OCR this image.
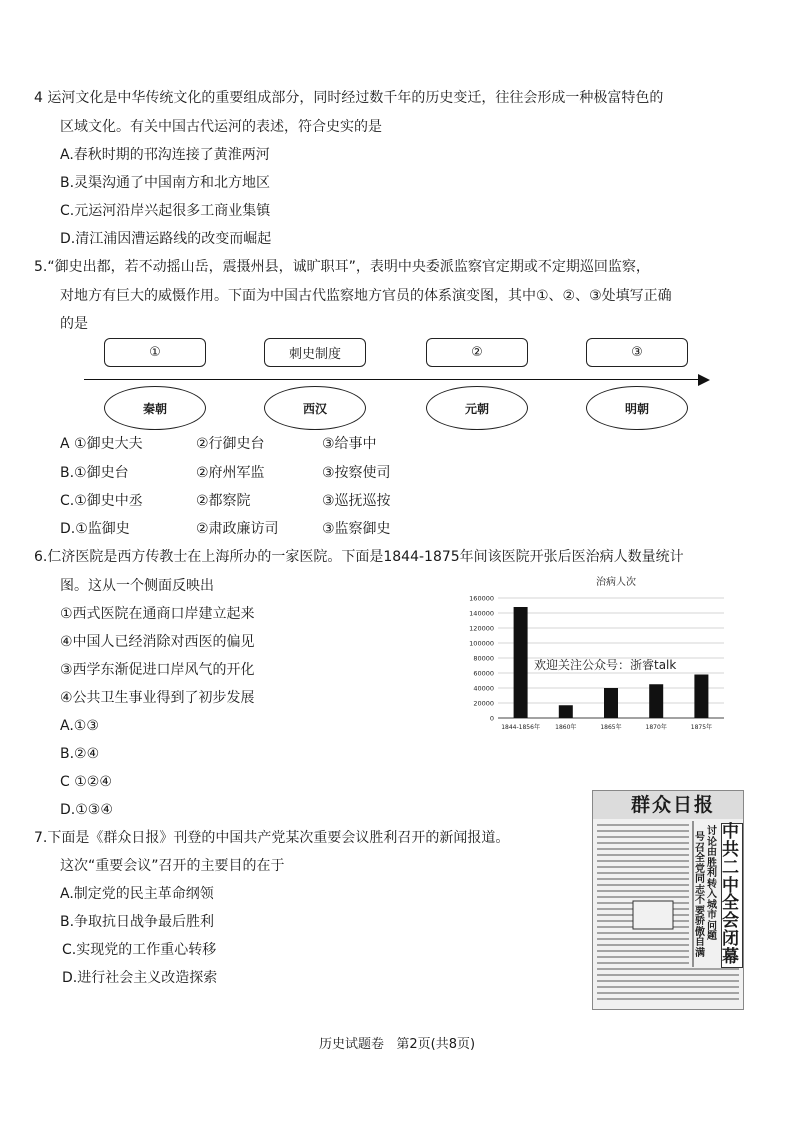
4 运河文化是中华传统文化的重要组成部分，同时经过数千年的历史变迁，往往会形成一种极富特色的
区域文化。有关中国古代运河的表述，符合史实的是
A.春秋时期的邗沟连接了黄淮两河
B.灵渠沟通了中国南方和北方地区
C.元运河沿岸兴起很多工商业集镇
D.清江浦因漕运路线的改变而崛起
5.“御史出都，若不动摇山岳，震摄州县，诚旷职耳”，表明中央委派监察官定期或不定期巡回监察，
对地方有巨大的威慑作用。下面为中国古代监察地方官员的体系演变图，其中①、②、③处填写正确
的是
①	刺史制度	②	③
秦朝	西汉	元朝	明朝
A ①御史大夫	②行御史台	③给事中
B.①御史台	②府州军监	③按察使司
C.①御史中丞	②都察院	③巡抚巡按
D.①监御史	②肃政廉访司	③监察御史
6.仁济医院是西方传教士在上海所办的一家医院。下面是1844-1875年间该医院开张后医治病人数量统计
图。这从一个侧面反映出
①西式医院在通商口岸建立起来
④中国人已经消除对西医的偏见
③西学东渐促进口岸风气的开化
④公共卫生事业得到了初步发展
A.①③
B.②④
C ①②④
D.①③④
治病人次
160000
140000
120000
100000
80000
60000
40000
20000
0
1844-1856年	1860年	1865年	1870年	1875年
欢迎关注公众号：浙睿talk
7.下面是《群众日报》刊登的中国共产党某次重要会议胜利召开的新闻报道。
这次“重要会议”召开的主要目的在于
A.制定党的民主革命纲领
B.争取抗日战争最后胜利
C.实现党的工作重心转移
D.进行社会主义改造探索
群众日报
中共二中全会闭幕
讨论由胜利转入城市问题
号召全党同志不要骄傲自满
历史试题卷   第2页(共8页)
